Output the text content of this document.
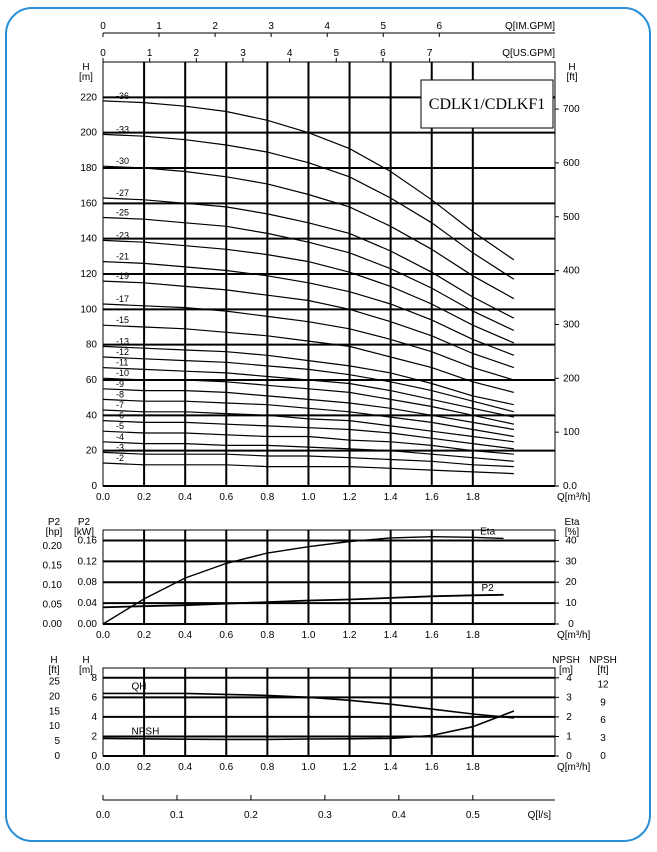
0	1	2	3	4	5	6	Q[IM.GPM]
0	1	2	3	4	5	6	7	Q[US.GPM]
0.0	0.2	0.4	0.6	0.8	1.0	1.2	1.4	1.6	1.8
0
20
40
60
80
100
120
140
160
180
200
220
0.0
100
200
300
400
500
600
700
H
[m]
H
[ft]
Q[m³/h]
-36
-33
-30
-27
-25
-23
-21
-19
-17
-15
-13
-12
-11
-10
-9
-8
-7
-6
-5
-4
-3
-2
CDLK1/CDLKF1
0.0	0.2	0.4	0.6	0.8	1.0	1.2	1.4	1.6	1.8
0.00
0.04
0.08
0.12
0.16
0.00
0.05
0.10
0.15
0.20
0
10
20
30
40
P2
[hp]
P2
[kW]
Eta
[%]
Q[m³/h]
Eta
P2
0.0	0.2	0.4	0.6	0.8	1.0	1.2	1.4	1.6	1.8
0
2
4
6
8
0
5
10
15
20
25
0
1
2
3
4
0
3
6
9
12
H
[ft]
H
[m]
NPSH
[m]
NPSH
[ft]
Q[m³/h]
QH
NPSH
0.0	0.1	0.2	0.3	0.4	0.5	Q[l/s]
